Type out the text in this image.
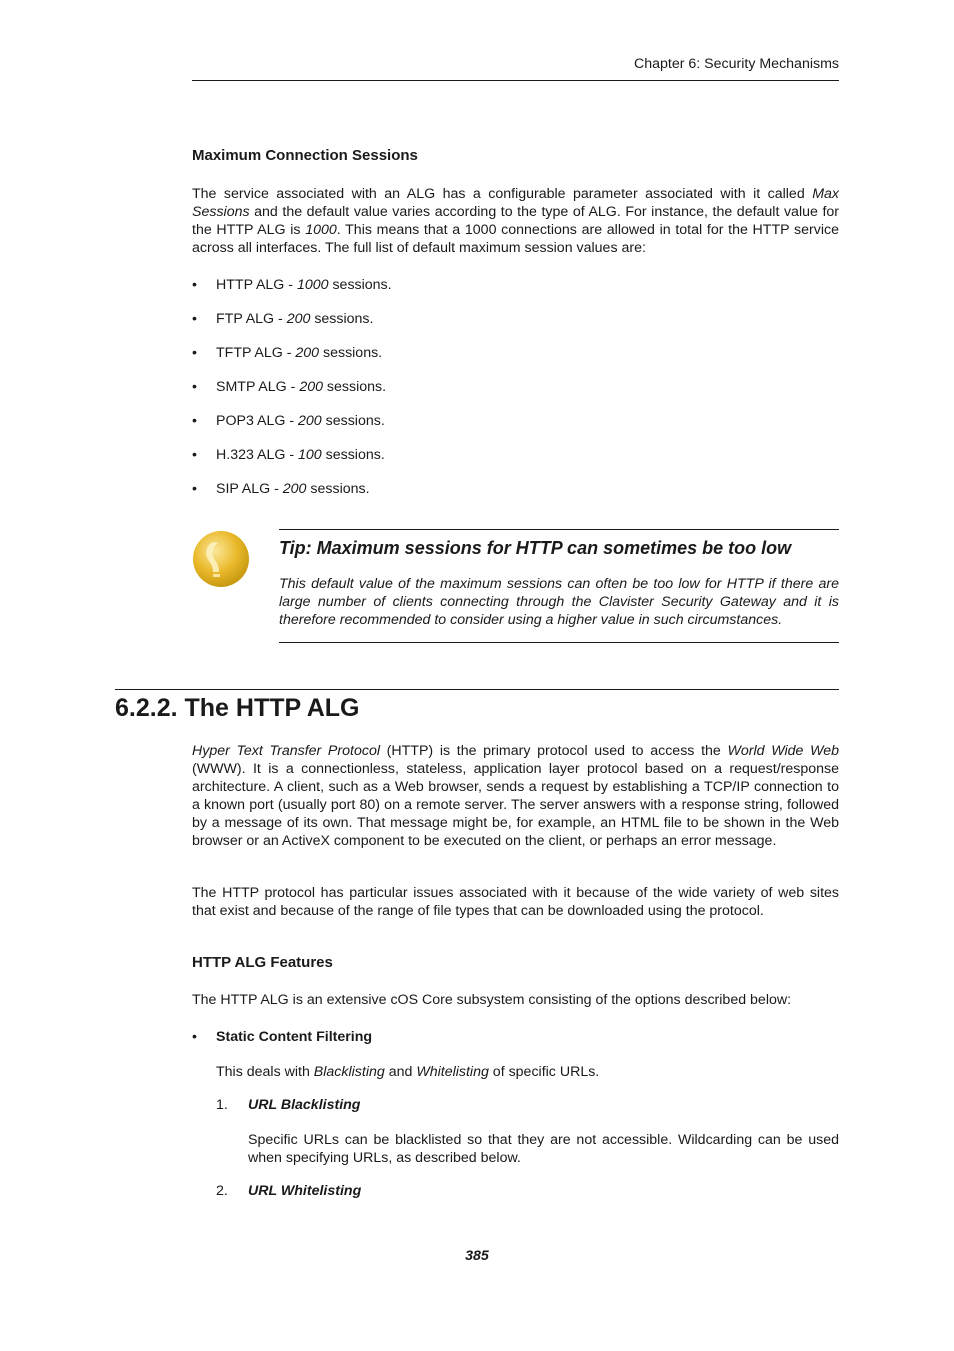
Chapter 6: Security Mechanisms
Maximum Connection Sessions

The service associated with an ALG has a configurable parameter associated with it called Max Sessions and the default value varies according to the type of ALG. For instance, the default value for the HTTP ALG is 1000. This means that a 1000 connections are allowed in total for the HTTP service across all interfaces. The full list of default maximum session values are:

• HTTP ALG - 1000 sessions.
• FTP ALG - 200 sessions.
• TFTP ALG - 200 sessions.
• SMTP ALG - 200 sessions.
• POP3 ALG - 200 sessions.
• H.323 ALG - 100 sessions.
• SIP ALG - 200 sessions.
Tip: Maximum sessions for HTTP can sometimes be too low
This default value of the maximum sessions can often be too low for HTTP if there are large number of clients connecting through the Clavister Security Gateway and it is therefore recommended to consider using a higher value in such circumstances.
6.2.2. The HTTP ALG

Hyper Text Transfer Protocol (HTTP) is the primary protocol used to access the World Wide Web (WWW). It is a connectionless, stateless, application layer protocol based on a request/response architecture. A client, such as a Web browser, sends a request by establishing a TCP/IP connection to a known port (usually port 80) on a remote server. The server answers with a response string, followed by a message of its own. That message might be, for example, an HTML file to be shown in the Web browser or an ActiveX component to be executed on the client, or perhaps an error message.

The HTTP protocol has particular issues associated with it because of the wide variety of web sites that exist and because of the range of file types that can be downloaded using the protocol.

HTTP ALG Features

The HTTP ALG is an extensive cOS Core subsystem consisting of the options described below:

• Static Content Filtering

This deals with Blacklisting and Whitelisting of specific URLs.

1. URL Blacklisting

Specific URLs can be blacklisted so that they are not accessible. Wildcarding can be used when specifying URLs, as described below.

2. URL Whitelisting
385
